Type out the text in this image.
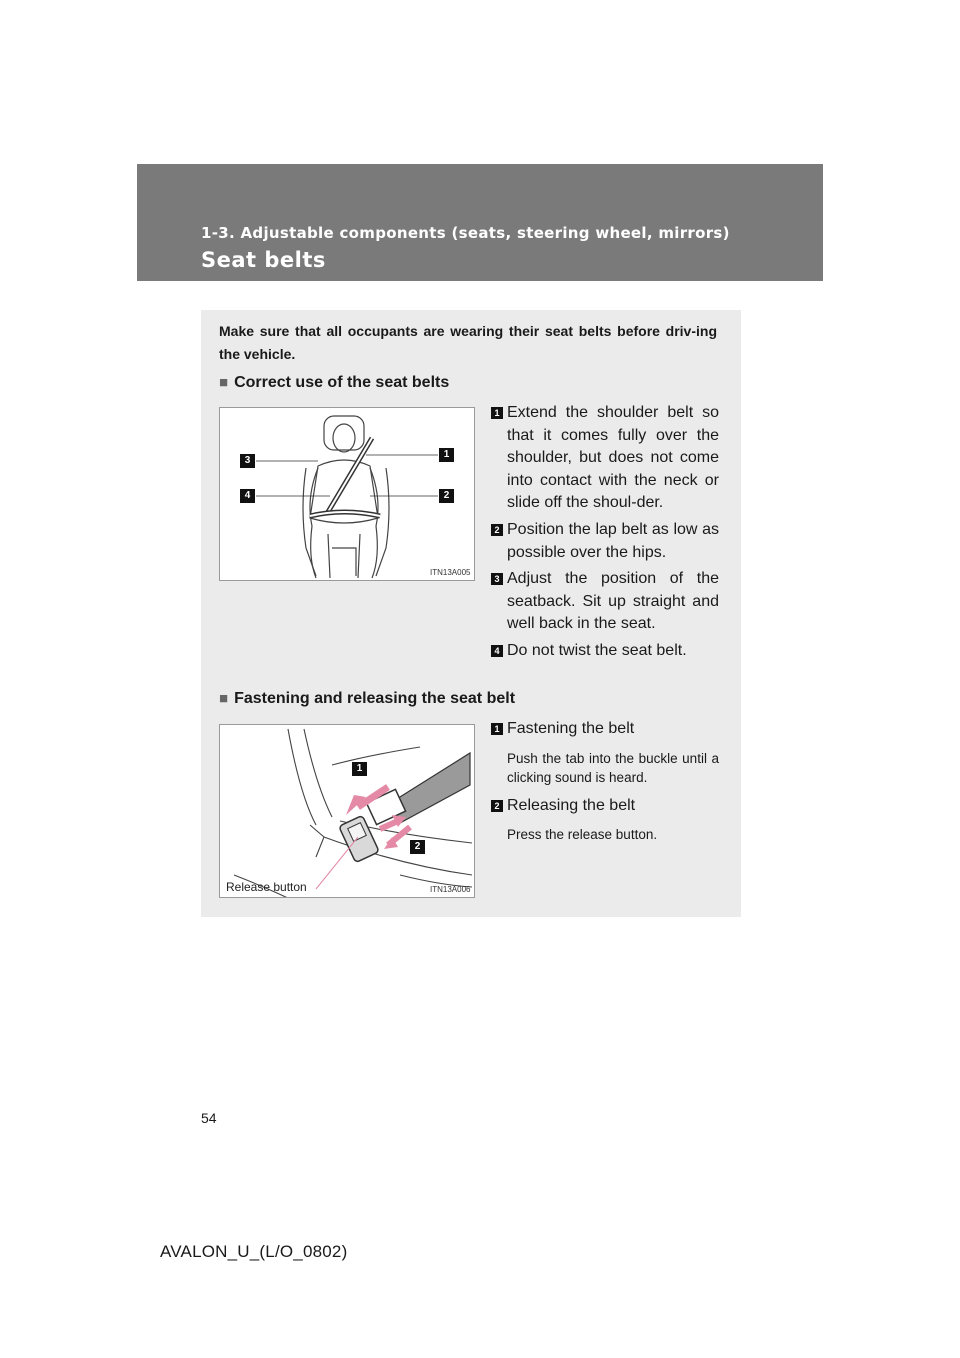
1-3. Adjustable components (seats, steering wheel, mirrors)
Seat belts

Make sure that all occupants are wearing their seat belts before driv-ing the vehicle.

■ Correct use of the seat belts
3
4
1
2
ITN13A005
1 Extend the shoulder belt so that it comes fully over the shoulder, but does not come into contact with the neck or slide off the shoul-der.
2 Position the lap belt as low as possible over the hips.
3 Adjust the position of the seatback. Sit up straight and well back in the seat.
4 Do not twist the seat belt.
■ Fastening and releasing the seat belt
1
2
Release button	ITN13A006
1 Fastening the belt
Push the tab into the buckle until a clicking sound is heard.
2 Releasing the belt
Press the release button.
54
AVALON_U_(L/O_0802)
